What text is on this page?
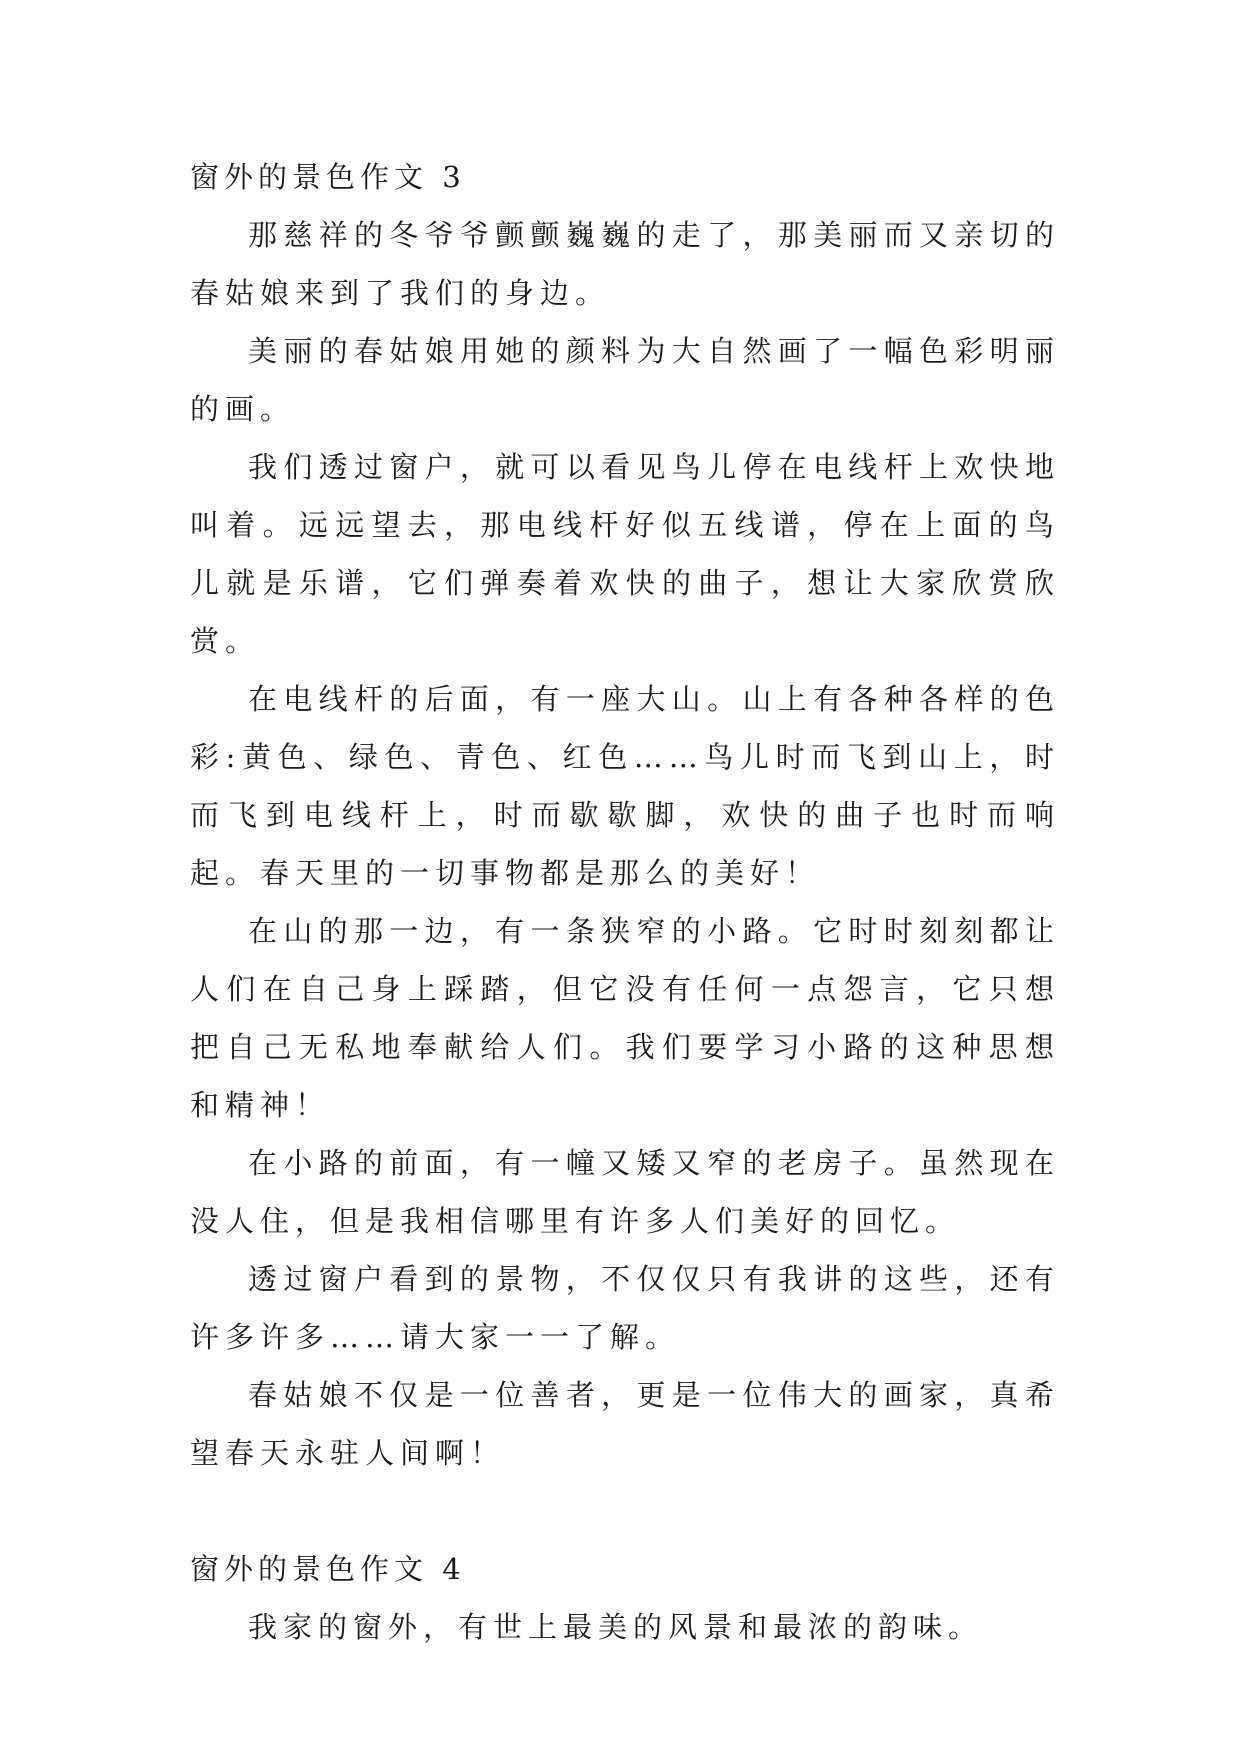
窗外的景色作文 3

那慈祥的冬爷爷颤颤巍巍的走了，那美丽而又亲切的春姑娘来到了我们的身边。

美丽的春姑娘用她的颜料为大自然画了一幅色彩明丽的画。

我们透过窗户，就可以看见鸟儿停在电线杆上欢快地叫着。远远望去，那电线杆好似五线谱，停在上面的鸟儿就是乐谱，它们弹奏着欢快的曲子，想让大家欣赏欣赏。

在电线杆的后面，有一座大山。山上有各种各样的色彩:黄色、绿色、青色、红色……鸟儿时而飞到山上，时而飞到电线杆上，时而歇歇脚，欢快的曲子也时而响起。春天里的一切事物都是那么的美好！

在山的那一边，有一条狭窄的小路。它时时刻刻都让人们在自己身上踩踏，但它没有任何一点怨言，它只想把自己无私地奉献给人们。我们要学习小路的这种思想和精神！

在小路的前面，有一幢又矮又窄的老房子。虽然现在没人住，但是我相信哪里有许多人们美好的回忆。

透过窗户看到的景物，不仅仅只有我讲的这些，还有许多许多……请大家一一了解。

春姑娘不仅是一位善者，更是一位伟大的画家，真希望春天永驻人间啊！

窗外的景色作文 4

我家的窗外，有世上最美的风景和最浓的韵味。
